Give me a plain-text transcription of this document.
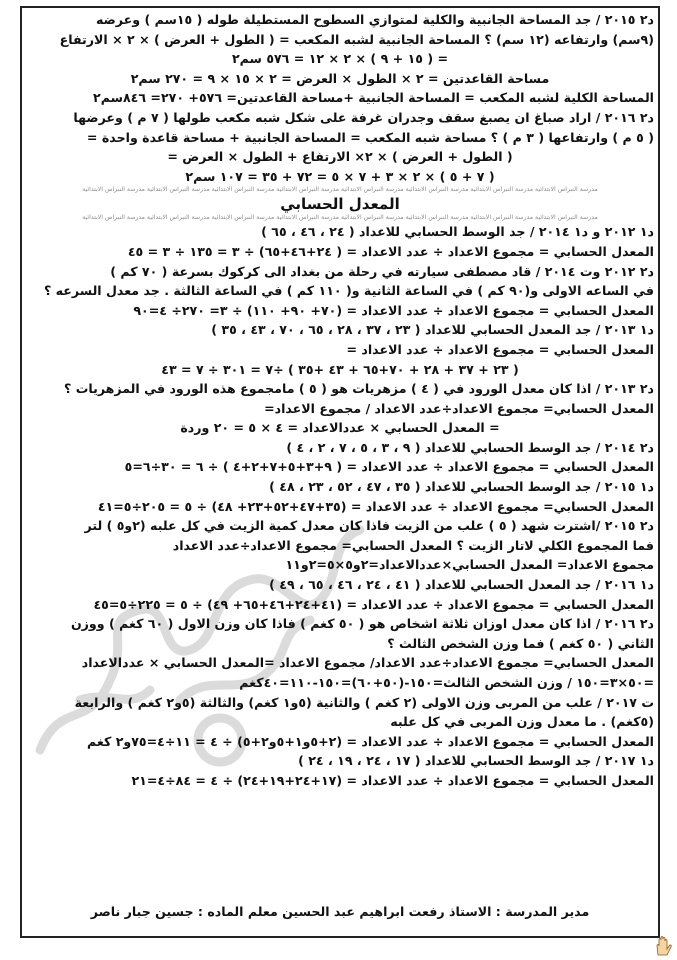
د٢ ٢٠١٥ / جد المساحة الجانبية والكلية لمتوازي السطوح المستطيلة طوله ( ١٥سم ) وعرضه
(٩سم) وارتفاعه (١٢ سم) ؟ المساحة الجانبية لشبه المكعب = ( الطول + العرض ) × ٢ × الارتفاع
= ( ١٥ + ٩ ) × ٢ × ١٢ = ٥٧٦ سم٢
مساحة القاعدتين = ٢ × الطول × العرض = ٢ × ١٥ × ٩ = ٢٧٠ سم٢
المساحة الكلية لشبه المكعب = المساحة الجانبية +مساحة القاعدتين= ٥٧٦+ ٢٧٠= ٨٤٦سم٢
د٢ ٢٠١٦ / اراد صباغ ان يصبغ سقف وجدران غرفة على شكل شبه مكعب طولها ( ٧ م ) وعرضها
( ٥ م ) وارتفاعها ( ٣ م ) ؟ مساحة شبه المكعب = المساحة الجانبية + مساحة قاعدة واحدة =
( الطول + العرض ) × ٢× الارتفاع + الطول × العرض =
( ٧ + ٥ ) × ٢ × ٣ + ٧ × ٥ = ٧٢ + ٣٥ = ١٠٧ سم٢
مدرسة النبراس الابتدائية مدرسة النبراس الابتدائية مدرسة النبراس الابتدائية مدرسة النبراس الابتدائية مدرسة النبراس الابتدائية مدرسة النبراس الابتدائية مدرسة النبراس الابتدائية مدرسة النبراس الابتدائية
المعدل الحسابي
مدرسة النبراس الابتدائية مدرسة النبراس الابتدائية مدرسة النبراس الابتدائية مدرسة النبراس الابتدائية مدرسة النبراس الابتدائية مدرسة النبراس الابتدائية مدرسة النبراس الابتدائية مدرسة النبراس الابتدائية
د١ ٢٠١٢ و د١ ٢٠١٤ / جد الوسط الحسابي للاعداد ( ٢٤ ، ٤٦ ، ٦٥ )
المعدل الحسابي = مجموع الاعداد ÷ عدد الاعداد = ( ٢٤+٤٦+٦٥) ÷ ٣ = ١٣٥ ÷ ٣ = ٤٥
د٢ ٢٠١٢ وت ٢٠١٤ / قاد مصطفى سيارته في رحلة من بغداد الى كركوك بسرعة ( ٧٠ كم )
في الساعه الاولى و(٩٠ كم ) في الساعة الثانية و( ١١٠ كم ) في الساعة الثالثة . جد معدل السرعه ؟
المعدل الحسابي = مجموع الاعداد ÷ عدد الاعداد = (٧٠+ ٩٠+ ١١٠) ÷ ٣= ٢٧٠÷ ٤=٩٠
د١ ٢٠١٣ / جد المعدل الحسابي للاعداد ( ٢٣ ، ٣٧ ، ٢٨ ، ٦٥ ، ٧٠ ، ٤٣ ، ٣٥ )
المعدل الحسابي = مجموع الاعداد ÷ عدد الاعداد =
( ٢٣ + ٣٧ + ٢٨ + ٧٠+٦٥ + ٤٣ +٣٥ ) ÷٧ = ٣٠١ ÷ ٧ = ٤٣
د٢ ٢٠١٣ / اذا كان معدل الورود في ( ٤ ) مزهريات هو ( ٥ ) مامجموع هذه الورود في المزهريات ؟
المعدل الحسابي= مجموع الاعداد÷عدد الاعداد / مجموع الاعداد=
= المعدل الحسابي × عددالاعداد = ٤ × ٥ = ٢٠ وردة
د٢ ٢٠١٤ / جد الوسط الحسابي للاعداد ( ٩ ، ٣ ، ٥ ، ٧ ، ٢ ، ٤ )
المعدل الحسابي = مجموع الاعداد ÷ عدد الاعداد = ( ٩+٣+٥+٧+٢+٤ ) ÷ ٦ = ٣٠÷٦=٥
د١ ٢٠١٥ / جد الوسط الحسابي للاعداد ( ٣٥ ، ٤٧ ، ٥٢ ، ٢٣ ، ٤٨ )
المعدل الحسابي= مجموع الاعداد ÷ عدد الاعداد = (٣٥+٤٧+٥٢+٢٣+ ٤٨) ÷ ٥ = ٢٠٥÷٥=٤١
د٢ ٢٠١٥ /اشترت شهد ( ٥ ) علب من الزيت فاذا كان معدل كمية الزيت في كل علبه (٢و٥ ) لتر
فما المجموع الكلي لاتار الزيت ؟ المعدل الحسابي= مجموع الاعداد÷عدد الاعداد
مجموع الاعداد= المعدل الحسابي×عددالاعداد=٢و٥×٥=٢و١١
د١ ٢٠١٦ / جد المعدل الحسابي للاعداد ( ٤١ ، ٢٤ ، ٤٦ ، ٦٥ ، ٤٩ )
المعدل الحسابي = مجموع الاعداد ÷ عدد الاعداد = (٤١+٢٤+٤٦+٦٥+ ٤٩) ÷ ٥ = ٢٢٥÷٥=٤٥
د٢ ٢٠١٦ / اذا كان معدل اوزان ثلاثة اشخاص هو ( ٥٠ كغم ) فاذا كان وزن الاول ( ٦٠ كغم ) ووزن
الثاني ( ٥٠ كغم ) فما وزن الشخص الثالث ؟
المعدل الحسابي= مجموع الاعداد÷عدد الاعداد/ مجموع الاعداد =المعدل الحسابي × عددالاعداد
=٥٠×٣=١٥٠ / وزن الشخص الثالث=١٥٠-(٥٠+٦٠)=١٥٠-١١٠=٤٠كغم
ت ٢٠١٧ / علب من المربى وزن الاولى (٢ كغم ) والثانية (٥و١ كغم) والثالثة (٥و٢ كغم ) والرابعة
(٥كغم) . ما معدل وزن المربى في كل علبه
المعدل الحسابي = مجموع الاعداد ÷ عدد الاعداد = (٢+٥و١+٥و٢+٥) ÷ ٤ = ١١÷٤=٧٥و٢ كغم
د١ ٢٠١٧ / جد الوسط الحسابي للاعداد ( ١٧ ، ٢٤ ، ١٩ ، ٢٤ )
المعدل الحسابي = مجموع الاعداد ÷ عدد الاعداد = (١٧+٢٤+١٩+٢٤) ÷ ٤ = ٨٤÷٤=٢١
مدير المدرسة : الاستاذ رفعت ابراهيم عبد الحسين معلم الماده : جسين جبار ناصر
